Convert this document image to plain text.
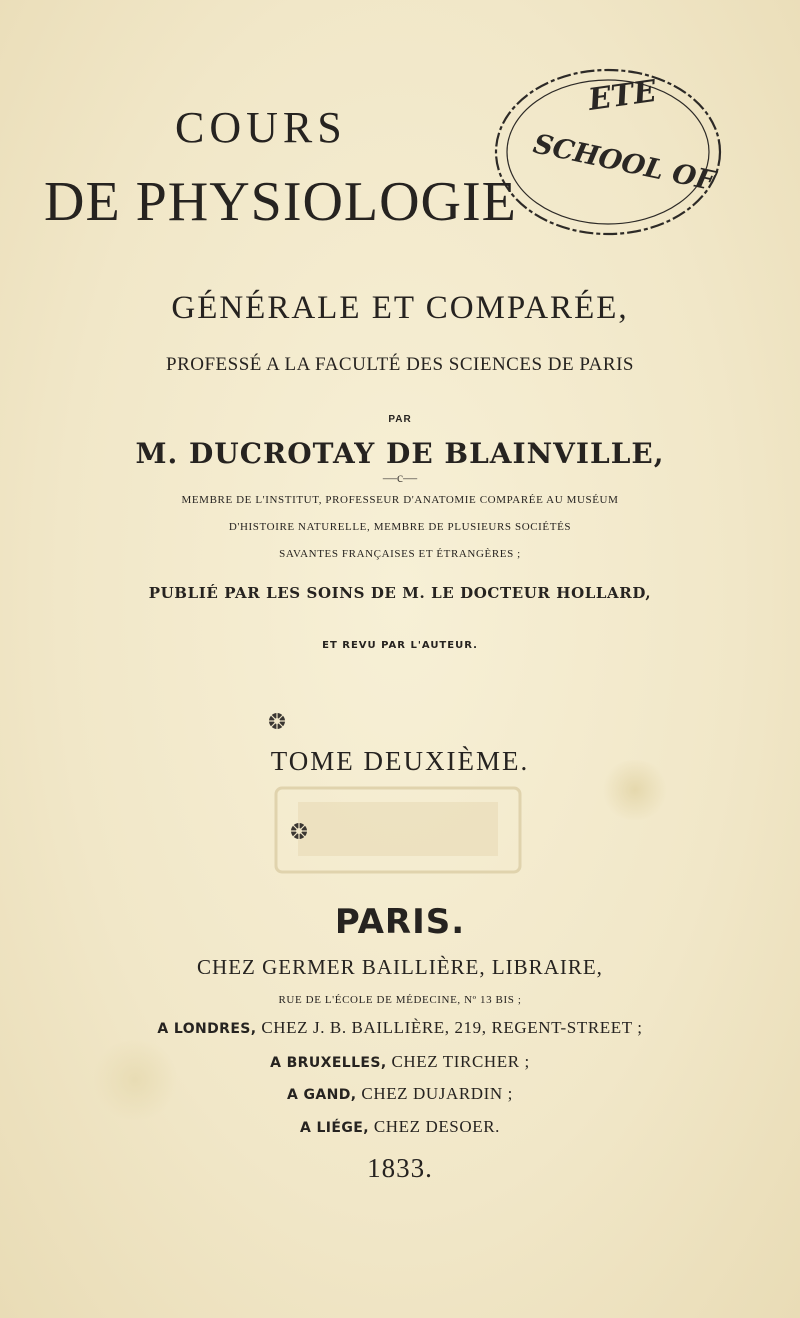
ETE
SCHOOL OF
COURS
DE PHYSIOLOGIE
GÉNÉRALE ET COMPARÉE,
PROFESSÉ A LA FACULTÉ DES SCIENCES DE PARIS
PAR
M. DUCROTAY DE BLAINVILLE,
—c—
MEMBRE DE L'INSTITUT, PROFESSEUR D'ANATOMIE COMPARÉE AU MUSÉUM
D'HISTOIRE NATURELLE, MEMBRE DE PLUSIEURS SOCIÉTÉS
SAVANTES FRANÇAISES ET ÉTRANGÈRES ;
PUBLIÉ PAR LES SOINS DE M. LE DOCTEUR HOLLARD,
ET REVU PAR L'AUTEUR.
TOME DEUXIÈME.
PARIS.
CHEZ GERMER BAILLIÈRE, LIBRAIRE,
RUE DE L'ÉCOLE DE MÉDECINE, Nº 13 BIS ;
A LONDRES, CHEZ J. B. BAILLIÈRE, 219, REGENT-STREET ;
A BRUXELLES, CHEZ TIRCHER ;
A GAND, CHEZ DUJARDIN ;
A LIÉGE, CHEZ DESOER.
1833.
